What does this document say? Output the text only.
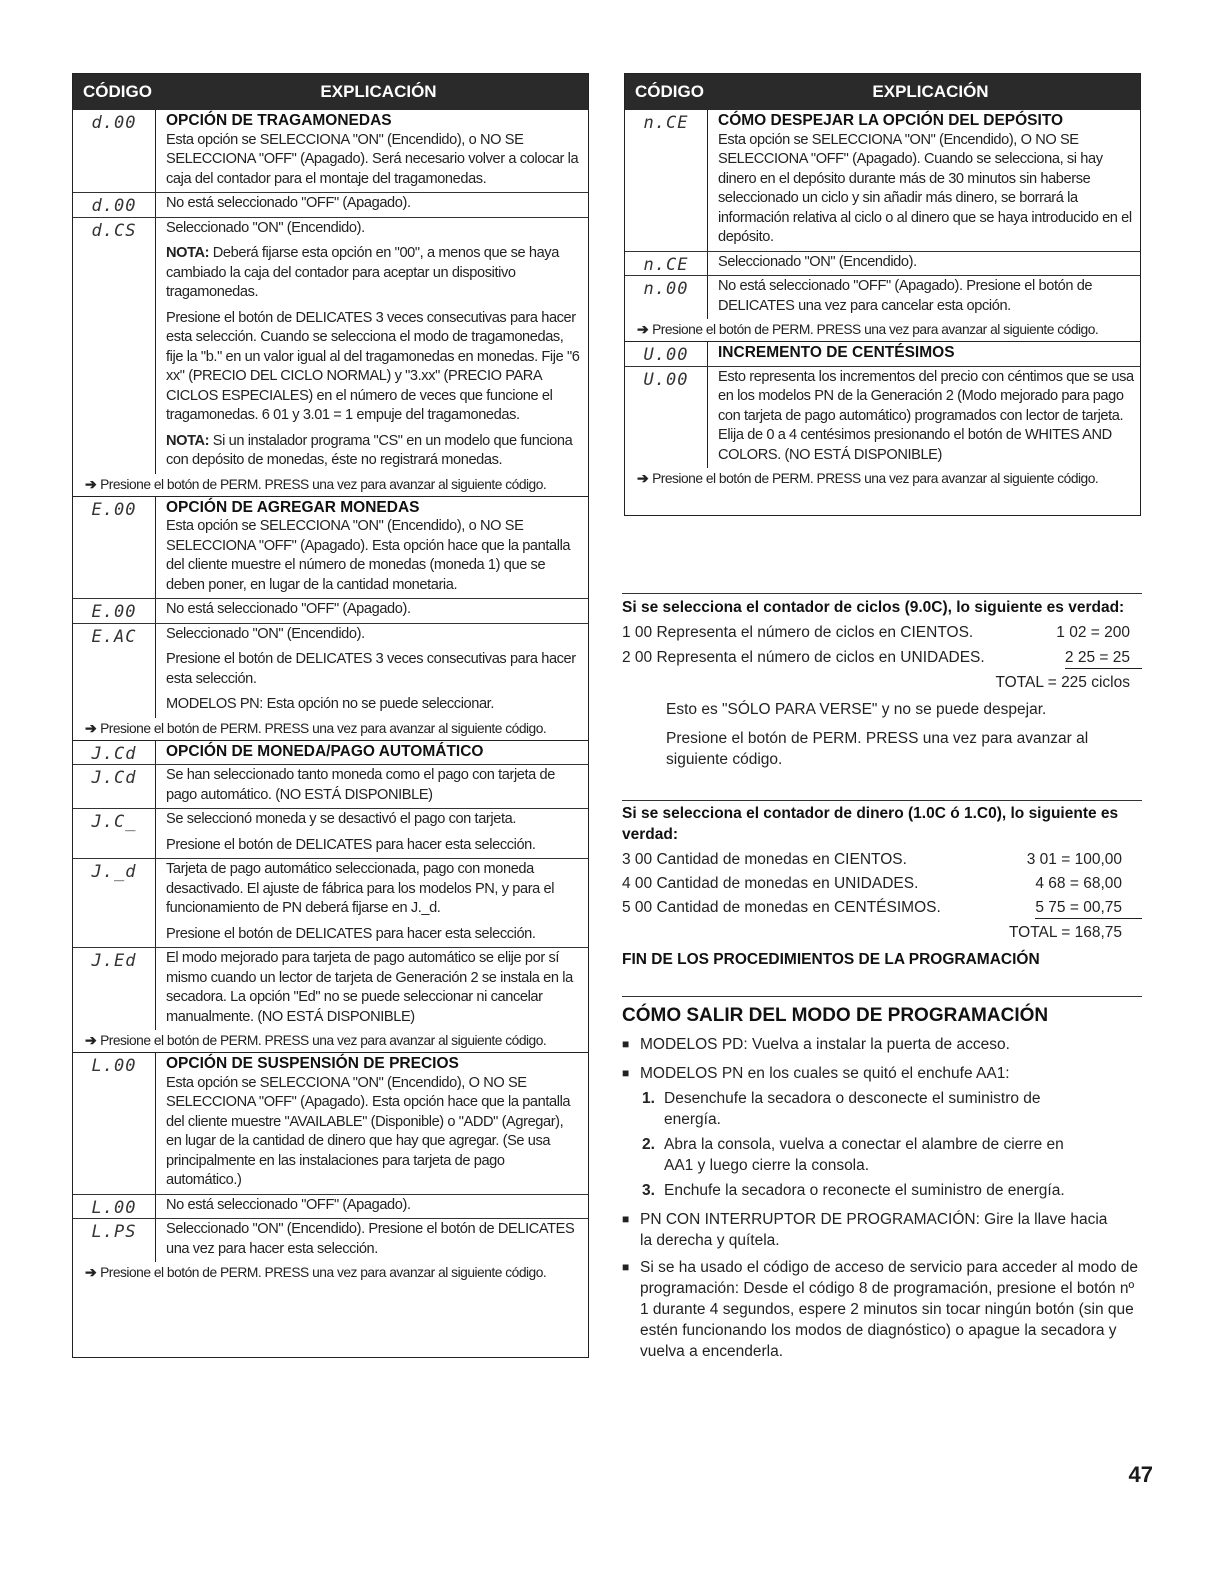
CÓDIGO	EXPLICACIÓN
d.00	OPCIÓN DE TRAGAMONEDAS
Esta opción se SELECCIONA "ON" (Encendido), o NO SE SELECCIONA "OFF" (Apagado). Será necesario volver a colocar la caja del contador para el montaje del tragamonedas.
d.00	No está seleccionado "OFF" (Apagado).
d.CS	Seleccionado "ON" (Encendido).

NOTA: Deberá fijarse esta opción en "00", a menos que se haya cambiado la caja del contador para aceptar un dispositivo tragamonedas.

Presione el botón de DELICATES 3 veces consecutivas para hacer esta selección. Cuando se selecciona el modo de tragamonedas, fije la "b." en un valor igual al del tragamonedas en monedas. Fije "6 xx" (PRECIO DEL CICLO NORMAL) y "3.xx" (PRECIO PARA CICLOS ESPECIALES) en el número de veces que funcione el tragamonedas. 6 01 y 3.01 = 1 empuje del tragamonedas.

NOTA: Si un instalador programa "CS" en un modelo que funciona con depósito de monedas, éste no registrará monedas.

➔ Presione el botón de PERM. PRESS una vez para avanzar al siguiente código.
E.00	OPCIÓN DE AGREGAR MONEDAS
Esta opción se SELECCIONA "ON" (Encendido), o NO SE SELECCIONA "OFF" (Apagado). Esta opción hace que la pantalla del cliente muestre el número de monedas (moneda 1) que se deben poner, en lugar de la cantidad monetaria.
E.00	No está seleccionado "OFF" (Apagado).
E.AC	Seleccionado "ON" (Encendido).

Presione el botón de DELICATES 3 veces consecutivas para hacer esta selección.

MODELOS PN: Esta opción no se puede seleccionar.

➔ Presione el botón de PERM. PRESS una vez para avanzar al siguiente código.
J.Cd	OPCIÓN DE MONEDA/PAGO AUTOMÁTICO
J.Cd	Se han seleccionado tanto moneda como el pago con tarjeta de pago automático. (NO ESTÁ DISPONIBLE)
J.C_	Se seleccionó moneda y se desactivó el pago con tarjeta.

Presione el botón de DELICATES para hacer esta selección.

J._d	Tarjeta de pago automático seleccionada, pago con moneda desactivado. El ajuste de fábrica para los modelos PN, y para el funcionamiento de PN deberá fijarse en J._d.

Presione el botón de DELICATES para hacer esta selección.

J.Ed	El modo mejorado para tarjeta de pago automático se elije por sí mismo cuando un lector de tarjeta de Generación 2 se instala en la secadora. La opción "Ed" no se puede seleccionar ni cancelar manualmente. (NO ESTÁ DISPONIBLE)
➔ Presione el botón de PERM. PRESS una vez para avanzar al siguiente código.
L.00	OPCIÓN DE SUSPENSIÓN DE PRECIOS
Esta opción se SELECCIONA "ON" (Encendido), O NO SE SELECCIONA "OFF" (Apagado). Esta opción hace que la pantalla del cliente muestre "AVAILABLE" (Disponible) o "ADD" (Agregar), en lugar de la cantidad de dinero que hay que agregar. (Se usa principalmente en las instalaciones para tarjeta de pago automático.)
L.00	No está seleccionado "OFF" (Apagado).
L.PS	Seleccionado "ON" (Encendido). Presione el botón de DELICATES una vez para hacer esta selección.
➔ Presione el botón de PERM. PRESS una vez para avanzar al siguiente código.
CÓDIGO	EXPLICACIÓN
n.CE	CÓMO DESPEJAR LA OPCIÓN DEL DEPÓSITO
Esta opción se SELECCIONA "ON" (Encendido), O NO SE SELECCIONA "OFF" (Apagado). Cuando se selecciona, si hay dinero en el depósito durante más de 30 minutos sin haberse seleccionado un ciclo y sin añadir más dinero, se borrará la información relativa al ciclo o al dinero que se haya introducido en el depósito.
n.CE	Seleccionado "ON" (Encendido).
n.00	No está seleccionado "OFF" (Apagado). Presione el botón de DELICATES una vez para cancelar esta opción.
➔ Presione el botón de PERM. PRESS una vez para avanzar al siguiente código.
U.00	INCREMENTO DE CENTÉSIMOS
U.00	Esto representa los incrementos del precio con céntimos que se usa en los modelos PN de la Generación 2 (Modo mejorado para pago con tarjeta de pago automático) programados con lector de tarjeta. Elija de 0 a 4 centésimos presionando el botón de WHITES AND COLORS. (NO ESTÁ DISPONIBLE)
➔ Presione el botón de PERM. PRESS una vez para avanzar al siguiente código.
Si se selecciona el contador de ciclos (9.0C), lo siguiente es verdad:
1 00 Representa el número de ciclos en CIENTOS.	1 02 = 200
2 00 Representa el número de ciclos en UNIDADES.	2 25 = 25
TOTAL = 225 ciclos
Esto es "SÓLO PARA VERSE" y no se puede despejar.
Presione el botón de PERM. PRESS una vez para avanzar al siguiente código.
Si se selecciona el contador de dinero (1.0C ó 1.C0), lo siguiente es verdad:
3 00 Cantidad de monedas en CIENTOS.	3 01 = 100,00
4 00 Cantidad de monedas en UNIDADES.	4 68 = 68,00
5 00 Cantidad de monedas en CENTÉSIMOS.	5 75 = 00,75
TOTAL = 168,75
FIN DE LOS PROCEDIMIENTOS DE LA PROGRAMACIÓN
CÓMO SALIR DEL MODO DE PROGRAMACIÓN
■ MODELOS PD: Vuelva a instalar la puerta de acceso.
■ MODELOS PN en los cuales se quitó el enchufe AA1:
1. Desenchufe la secadora o desconecte el suministro de energía.
2. Abra la consola, vuelva a conectar el alambre de cierre en AA1 y luego cierre la consola.
3. Enchufe la secadora o reconecte el suministro de energía.
■ PN CON INTERRUPTOR DE PROGRAMACIÓN: Gire la llave hacia la derecha y quítela.
■ Si se ha usado el código de acceso de servicio para acceder al modo de programación: Desde el código 8 de programación, presione el botón nº 1 durante 4 segundos, espere 2 minutos sin tocar ningún botón (sin que estén funcionando los modos de diagnóstico) o apague la secadora y vuelva a encenderla.
47
